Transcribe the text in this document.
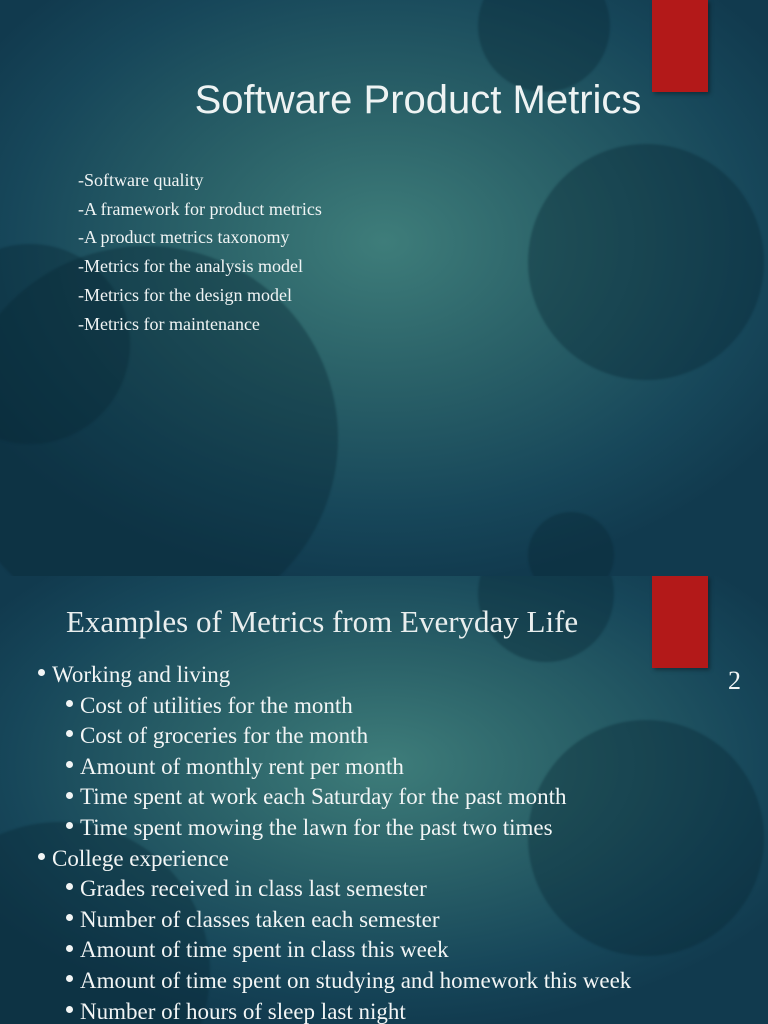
Software Product Metrics
-Software quality
-A framework for product metrics
-A product metrics taxonomy
-Metrics for the analysis model
-Metrics for the design model
-Metrics for maintenance
Examples of Metrics from Everyday Life
2
Working and living
Cost of utilities for the month
Cost of groceries for the month
Amount of monthly rent per month
Time spent at work each Saturday for the past month
Time spent mowing the lawn for the past two times
College experience
Grades received in class last semester
Number of classes taken each semester
Amount of time spent in class this week
Amount of time spent on studying and homework this week
Number of hours of sleep last night
